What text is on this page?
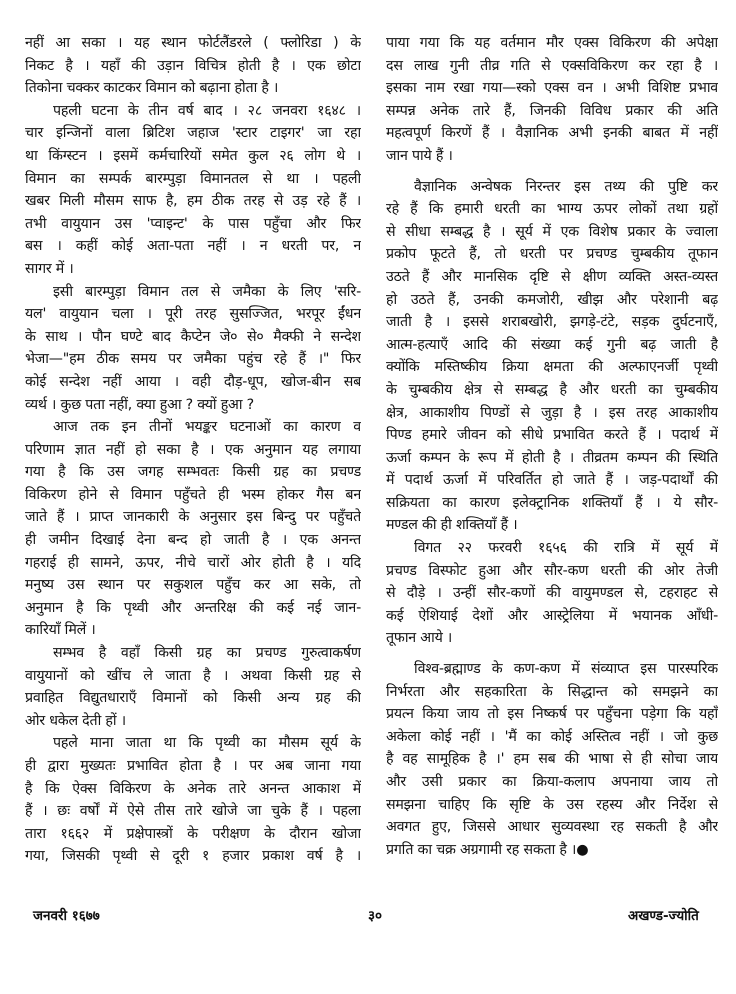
नहीं आ सका । यह स्थान फोर्टलैंडरले ( फ्लोरिडा ) के
निकट है । यहाँ की उड़ान विचित्र होती है । एक छोटा
तिकोना चक्कर काटकर विमान को बढ़ाना होता है ।
पहली घटना के तीन वर्ष बाद । २८ जनवरा १६४८ ।
चार इन्जिनों वाला ब्रिटिश जहाज 'स्टार टाइगर' जा रहा
था किंग्स्टन । इसमें कर्मचारियों समेत कुल २६ लोग थे ।
विमान का सम्पर्क बारम्पुड़ा विमानतल से था । पहली
खबर मिली मौसम साफ है, हम ठीक तरह से उड़ रहे हैं ।
तभी वायुयान उस 'प्वाइन्ट' के पास पहुँचा और फिर
बस । कहीं कोई अता-पता नहीं । न धरती पर, न
सागर में ।
इसी बारम्पुड़ा विमान तल से जमैका के लिए 'सरि-
यल' वायुयान चला । पूरी तरह सुसज्जित, भरपूर ईंधन
के साथ । पौन घण्टे बाद कैप्टेन जे० से० मैक्फी ने सन्देश
भेजा—"हम ठीक समय पर जमैका पहुंच रहे हैं ।" फिर
कोई सन्देश नहीं आया । वही दौड़-धूप, खोज-बीन सब
व्यर्थ । कुछ पता नहीं, क्या हुआ ? क्यों हुआ ?
आज तक इन तीनों भयङ्कर घटनाओं का कारण व
परिणाम ज्ञात नहीं हो सका है । एक अनुमान यह लगाया
गया है कि उस जगह सम्भवतः किसी ग्रह का प्रचण्ड
विकिरण होने से विमान पहुँचते ही भस्म होकर गैस बन
जाते हैं । प्राप्त जानकारी के अनुसार इस बिन्दु पर पहुँचते
ही जमीन दिखाई देना बन्द हो जाती है । एक अनन्त
गहराई ही सामने, ऊपर, नीचे चारों ओर होती है । यदि
मनुष्य उस स्थान पर सकुशल पहुँच कर आ सके, तो
अनुमान है कि पृथ्वी और अन्तरिक्ष की कई नई जान-
कारियाँ मिलें ।
सम्भव है वहाँ किसी ग्रह का प्रचण्ड गुरुत्वाकर्षण
वायुयानों को खींच ले जाता है । अथवा किसी ग्रह से
प्रवाहित विद्युतधाराएँ विमानों को किसी अन्य ग्रह की
ओर धकेल देती हों ।
पहले माना जाता था कि पृथ्वी का मौसम सूर्य के
ही द्वारा मुख्यतः प्रभावित होता है । पर अब जाना गया
है कि ऐक्स विकिरण के अनेक तारे अनन्त आकाश में
हैं । छः वर्षों में ऐसे तीस तारे खोजे जा चुके हैं । पहला
तारा १६६२ में प्रक्षेपास्त्रों के परीक्षण के दौरान खोजा
गया, जिसकी पृथ्वी से दूरी १ हजार प्रकाश वर्ष है ।
पाया गया कि यह वर्तमान मौर एक्स विकिरण की अपेक्षा
दस लाख गुनी तीव्र गति से एक्सविकिरण कर रहा है ।
इसका नाम रखा गया—स्को एक्स वन । अभी विशिष्ट प्रभाव
सम्पन्न अनेक तारे हैं, जिनकी विविध प्रकार की अति
महत्वपूर्ण किरणें हैं । वैज्ञानिक अभी इनकी बाबत में नहीं
जान पाये हैं ।
वैज्ञानिक अन्वेषक निरन्तर इस तथ्य की पुष्टि कर
रहे हैं कि हमारी धरती का भाग्य ऊपर लोकों तथा ग्रहों
से सीधा सम्बद्ध है । सूर्य में एक विशेष प्रकार के ज्वाला
प्रकोप फूटते हैं, तो धरती पर प्रचण्ड चुम्बकीय तूफान
उठते हैं और मानसिक दृष्टि से क्षीण व्यक्ति अस्त-व्यस्त
हो उठते हैं, उनकी कमजोरी, खीझ और परेशानी बढ़
जाती है । इससे शराबखोरी, झगड़े-टंटे, सड़क दुर्घटनाएँ,
आत्म-हत्याएँ आदि की संख्या कई गुनी बढ़ जाती है
क्योंकि मस्तिष्कीय क्रिया क्षमता की अल्फाएनर्जी पृथ्वी
के चुम्बकीय क्षेत्र से सम्बद्ध है और धरती का चुम्बकीय
क्षेत्र, आकाशीय पिण्डों से जुड़ा है । इस तरह आकाशीय
पिण्ड हमारे जीवन को सीधे प्रभावित करते हैं । पदार्थ में
ऊर्जा कम्पन के रूप में होती है । तीव्रतम कम्पन की स्थिति
में पदार्थ ऊर्जा में परिवर्तित हो जाते हैं । जड़-पदार्थों की
सक्रियता का कारण इलेक्ट्रानिक शक्तियाँ हैं । ये सौर-
मण्डल की ही शक्तियाँ हैं ।
विगत २२ फरवरी १६५६ की रात्रि में सूर्य में
प्रचण्ड विस्फोट हुआ और सौर-कण धरती की ओर तेजी
से दौड़े । उन्हीं सौर-कणों की वायुमण्डल से, टहराहट से
कई ऐशियाई देशों और आस्ट्रेलिया में भयानक आँधी-
तूफान आये ।
विश्व-ब्रह्माण्ड के कण-कण में संव्याप्त इस पारस्परिक
निर्भरता और सहकारिता के सिद्धान्त को समझने का
प्रयत्न किया जाय तो इस निष्कर्ष पर पहुँचना पड़ेगा कि यहाँ
अकेला कोई नहीं । 'मैं का कोई अस्तित्व नहीं । जो कुछ
है वह सामूहिक है ।' हम सब की भाषा से ही सोचा जाय
और उसी प्रकार का क्रिया-कलाप अपनाया जाय तो
समझना चाहिए कि सृष्टि के उस रहस्य और निर्देश से
अवगत हुए, जिससे आधार सुव्यवस्था रह सकती है और
प्रगति का चक्र अग्रगामी रह सकता है ।●
जनवरी १६७७	३०	अखण्ड-ज्योति
